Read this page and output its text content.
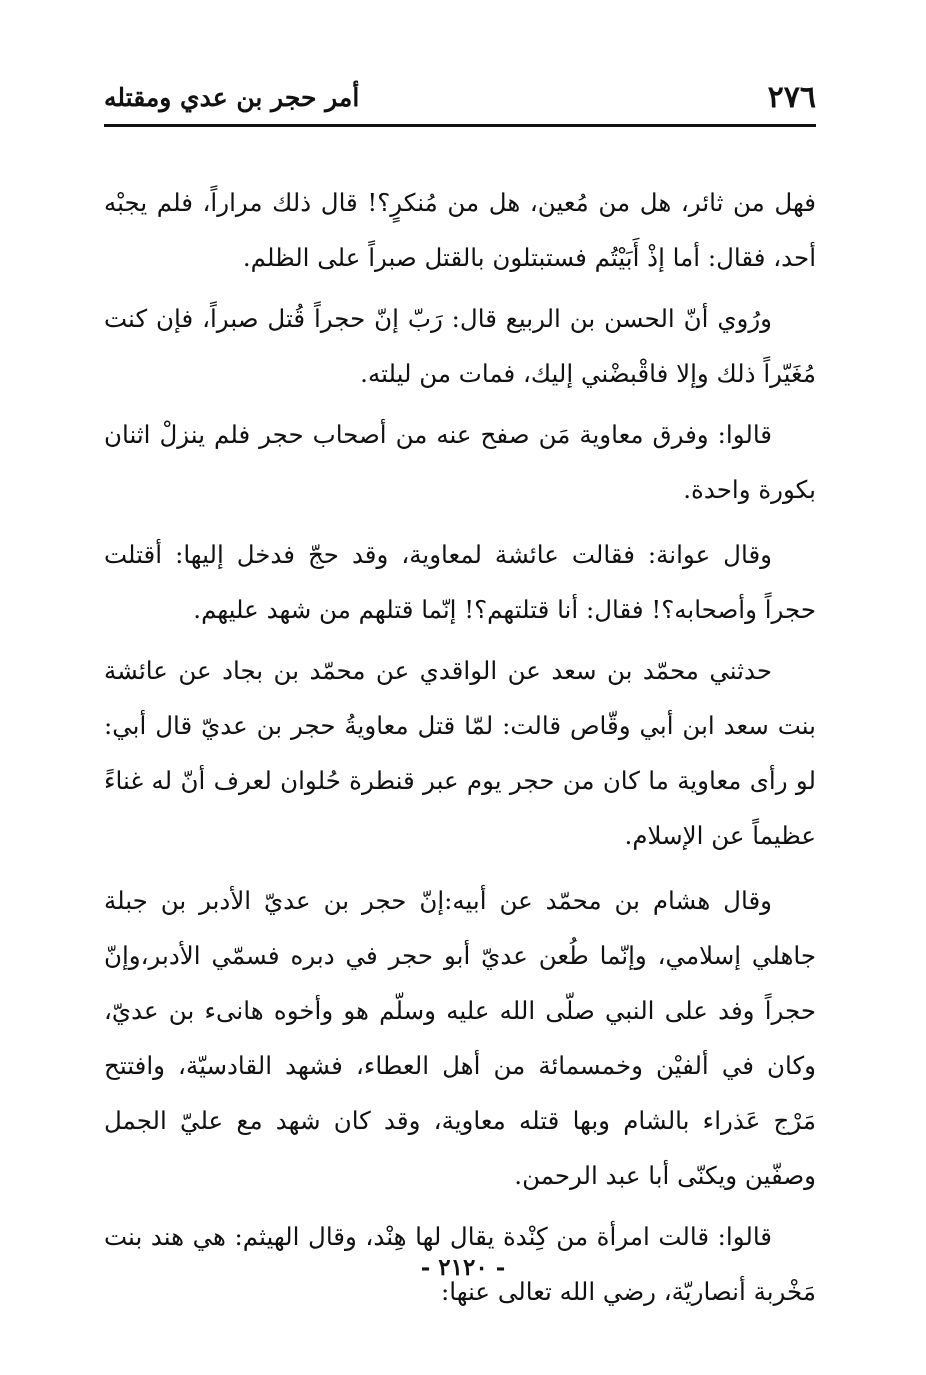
٢٧٦
أمر حجر بن عدي ومقتله

فهل من ثائر، هل من مُعين، هل من مُنكرٍ؟! قال ذلك مراراً، فلم يجبْه أحد، فقال: أما إذْ أَبَيْتُم فستبتلون بالقتل صبراً على الظلم.

ورُوي أنّ الحسن بن الربيع قال: رَبّ إنّ حجراً قُتل صبراً، فإن كنت مُغَيّراً ذلك وإلا فاقْبضْني إليك، فمات من ليلته.

قالوا: وفرق معاوية مَن صفح عنه من أصحاب حجر فلم ينزلْ اثنان بكورة واحدة.

وقال عوانة: فقالت عائشة لمعاوية، وقد حجّ فدخل إليها: أقتلت حجراً وأصحابه؟! فقال: أنا قتلتهم؟! إنّما قتلهم من شهد عليهم.

حدثني محمّد بن سعد عن الواقدي عن محمّد بن بجاد عن عائشة بنت سعد ابن أبي وقّاص قالت: لمّا قتل معاويةُ حجر بن عديّ قال أبي: لو رأى معاوية ما كان من حجر يوم عبر قنطرة حُلوان لعرف أنّ له غناءً عظيماً عن الإسلام.

وقال هشام بن محمّد عن أبيه:إنّ حجر بن عديّ الأدبر بن جبلة جاهلي إسلامي، وإنّما طُعن عديّ أبو حجر في دبره فسمّي الأدبر،وإنّ حجراً وفد على النبي صلّى الله عليه وسلّم هو وأخوه هانىء بن عديّ، وكان في ألفيْن وخمسمائة من أهل العطاء، فشهد القادسيّة، وافتتح مَرْج عَذراء بالشام وبها قتله معاوية، وقد كان شهد مع عليّ الجمل وصفّين ويكنّى أبا عبد الرحمن.

قالوا: قالت امرأة من كِنْدة يقال لها هِنْد، وقال الهيثم: هي هند بنت مَخْربة أنصاريّة، رضي الله تعالى عنها:

- ٢١٢٠ -
